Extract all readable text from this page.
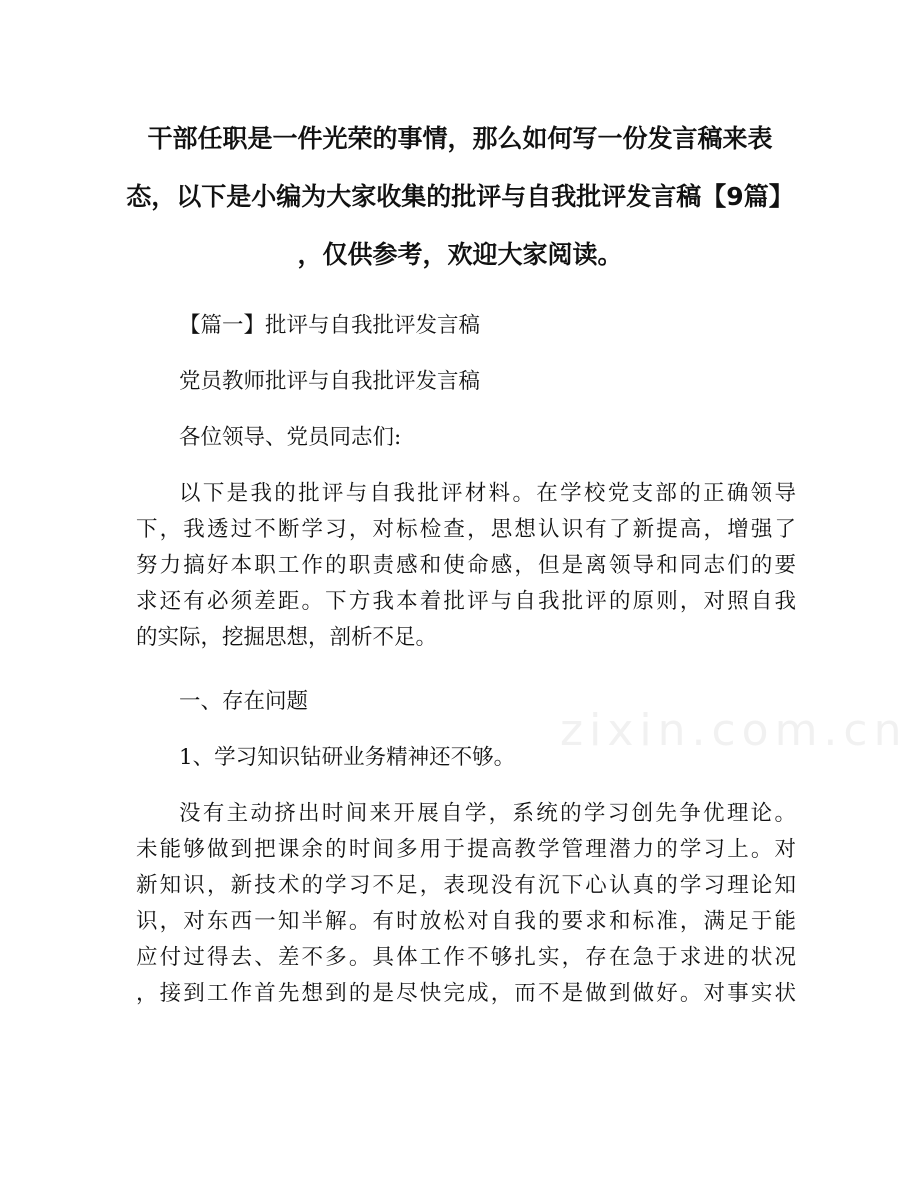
干部任职是一件光荣的事情，那么如何写一份发言稿来表
态，以下是小编为大家收集的批评与自我批评发言稿【9篇】
，仅供参考，欢迎大家阅读。

【篇一】批评与自我批评发言稿

党员教师批评与自我批评发言稿

各位领导、党员同志们:

以下是我的批评与自我批评材料。在学校党支部的正确领导
下，我透过不断学习，对标检查，思想认识有了新提高，增强了
努力搞好本职工作的职责感和使命感，但是离领导和同志们的要
求还有必须差距。下方我本着批评与自我批评的原则，对照自我
的实际，挖掘思想，剖析不足。

一、存在问题

1、学习知识钻研业务精神还不够。

没有主动挤出时间来开展自学，系统的学习创先争优理论。
未能够做到把课余的时间多用于提高教学管理潜力的学习上。对
新知识，新技术的学习不足，表现没有沉下心认真的学习理论知
识，对东西一知半解。有时放松对自我的要求和标准，满足于能
应付过得去、差不多。具体工作不够扎实，存在急于求进的状况
，接到工作首先想到的是尽快完成，而不是做到做好。对事实状
zixin.com.cn
